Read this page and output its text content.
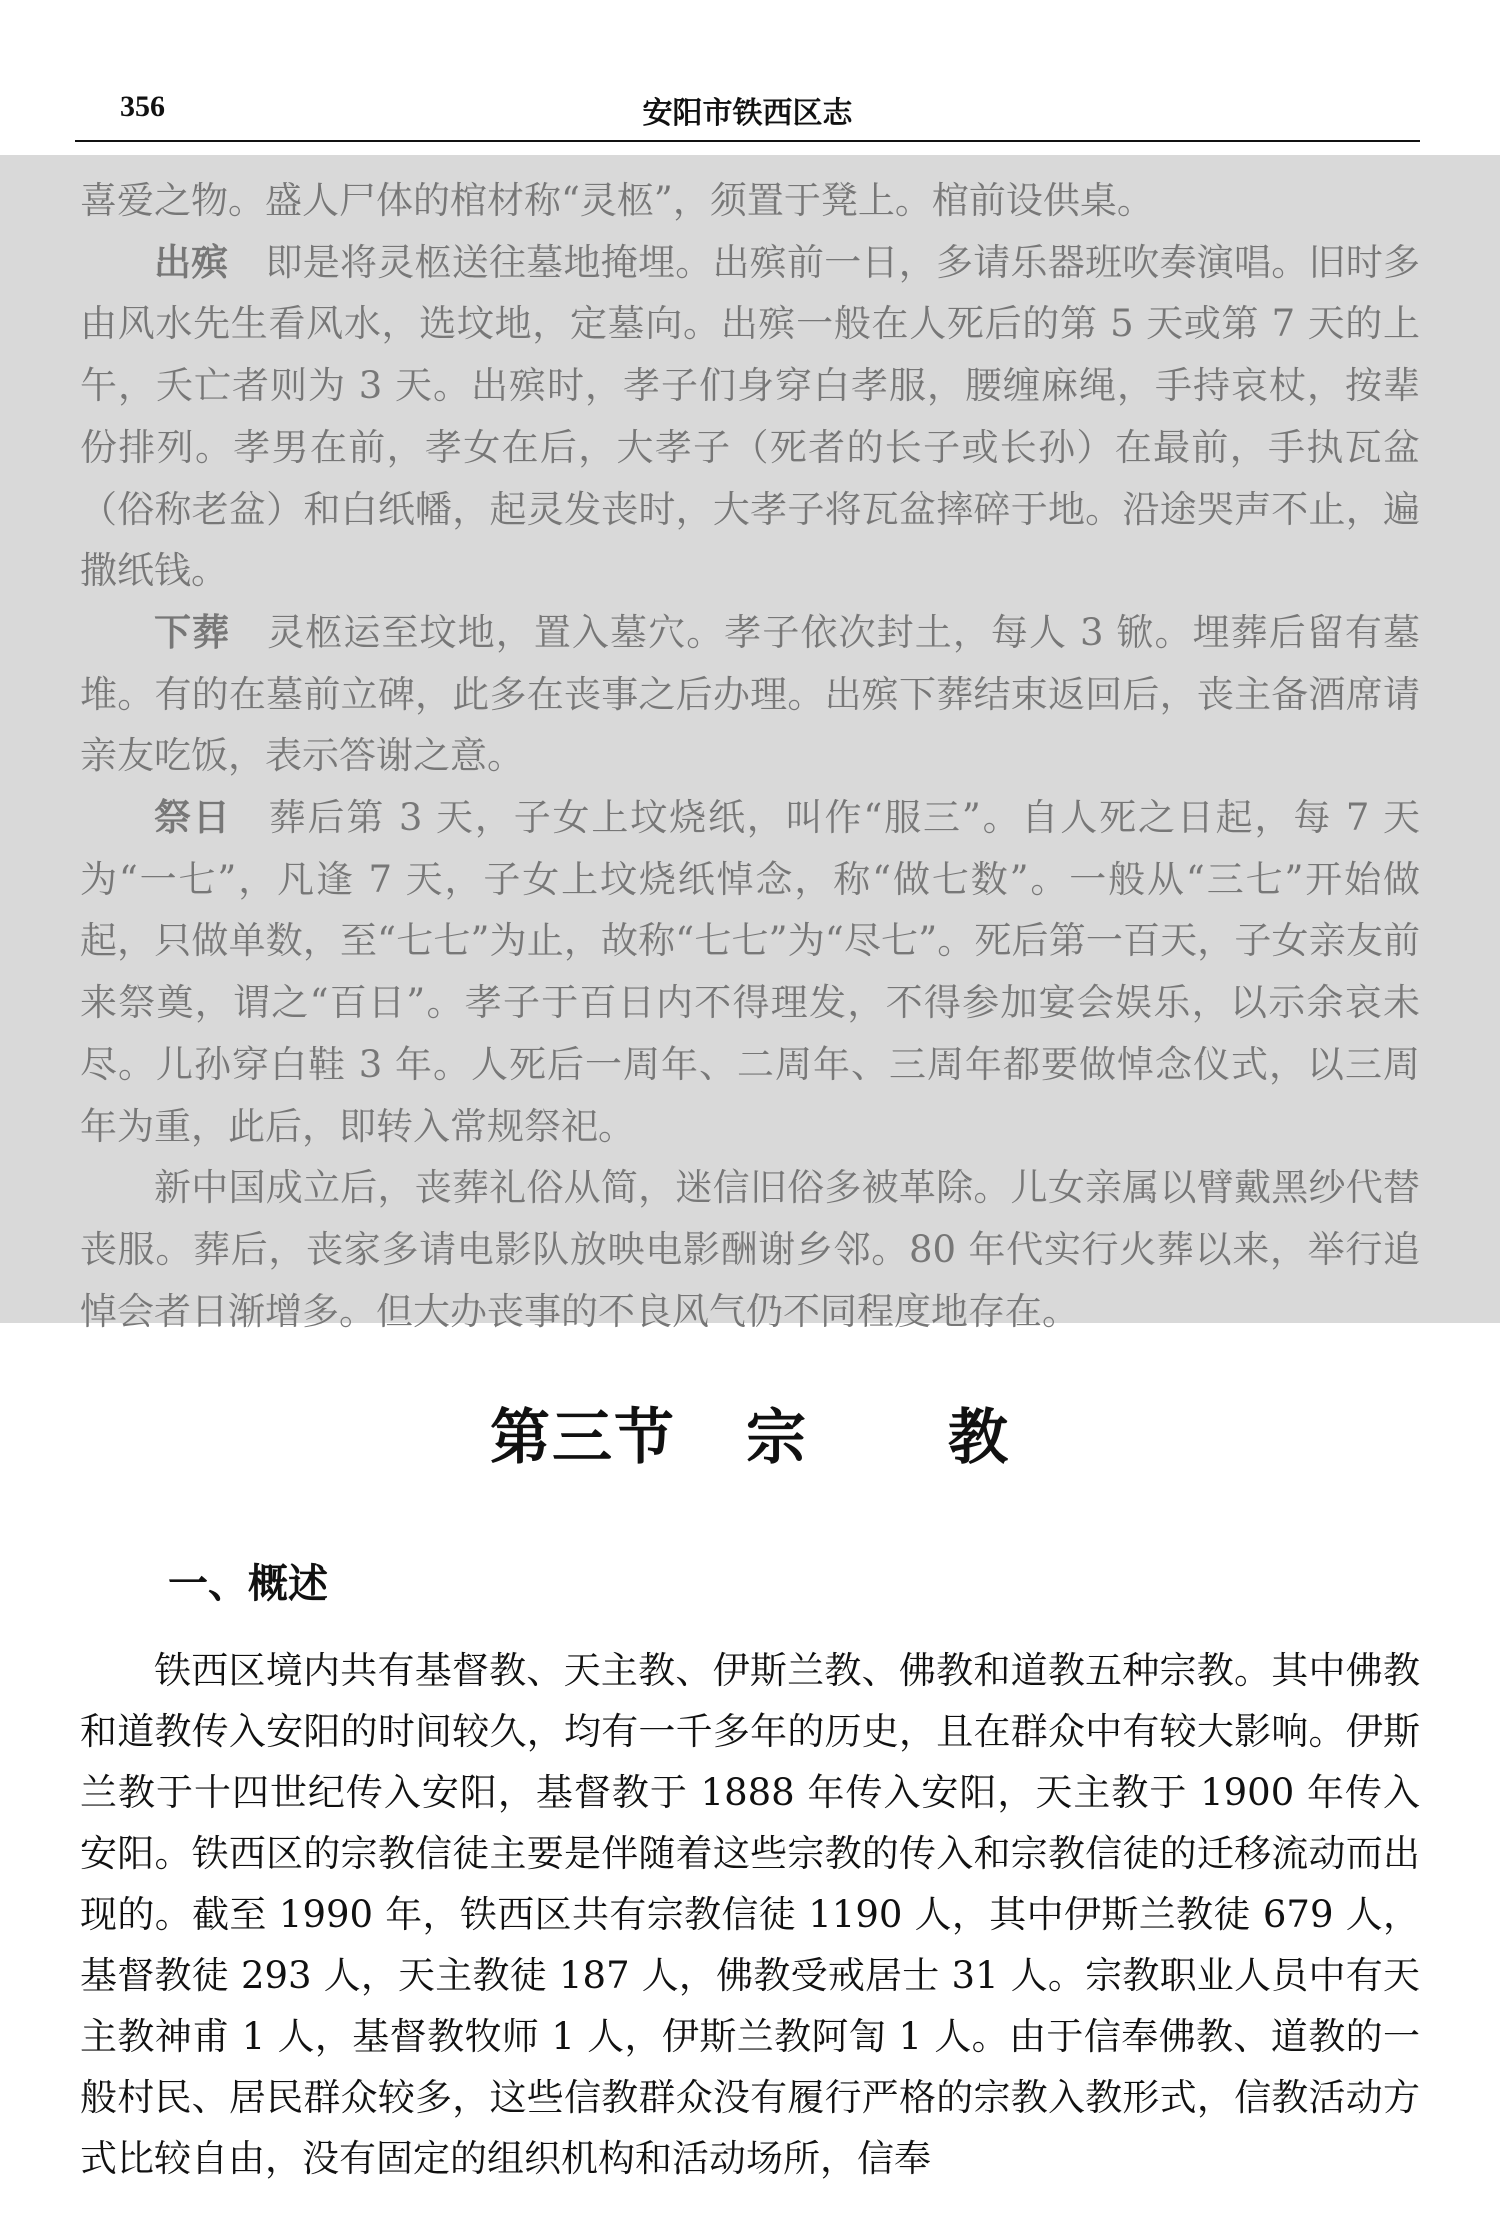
356	安阳市铁西区志

喜爱之物。盛人尸体的棺材称“灵柩”，须置于凳上。棺前设供桌。

出殡 即是将灵柩送往墓地掩埋。出殡前一日，多请乐器班吹奏演唱。旧时多由风水先生看风水，选坟地，定墓向。出殡一般在人死后的第 5 天或第 7 天的上午，夭亡者则为 3 天。出殡时，孝子们身穿白孝服，腰缠麻绳，手持哀杖，按辈份排列。孝男在前，孝女在后，大孝子（死者的长子或长孙）在最前，手执瓦盆（俗称老盆）和白纸幡，起灵发丧时，大孝子将瓦盆摔碎于地。沿途哭声不止，遍撒纸钱。

下葬 灵柩运至坟地，置入墓穴。孝子依次封土，每人 3 锨。埋葬后留有墓堆。有的在墓前立碑，此多在丧事之后办理。出殡下葬结束返回后，丧主备酒席请亲友吃饭，表示答谢之意。

祭日 葬后第 3 天，子女上坟烧纸，叫作“服三”。自人死之日起，每 7 天为“一七”，凡逢 7 天，子女上坟烧纸悼念，称“做七数”。一般从“三七”开始做起，只做单数，至“七七”为止，故称“七七”为“尽七”。死后第一百天，子女亲友前来祭奠，谓之“百日”。孝子于百日内不得理发，不得参加宴会娱乐，以示余哀未尽。儿孙穿白鞋 3 年。人死后一周年、二周年、三周年都要做悼念仪式，以三周年为重，此后，即转入常规祭祀。

新中国成立后，丧葬礼俗从简，迷信旧俗多被革除。儿女亲属以臂戴黑纱代替丧服。葬后，丧家多请电影队放映电影酬谢乡邻。80 年代实行火葬以来，举行追悼会者日渐增多。但大办丧事的不良风气仍不同程度地存在。

第三节 宗 教
一、概述

铁西区境内共有基督教、天主教、伊斯兰教、佛教和道教五种宗教。其中佛教和道教传入安阳的时间较久，均有一千多年的历史，且在群众中有较大影响。伊斯兰教于十四世纪传入安阳，基督教于 1888 年传入安阳，天主教于 1900 年传入安阳。铁西区的宗教信徒主要是伴随着这些宗教的传入和宗教信徒的迁移流动而出现的。截至 1990 年，铁西区共有宗教信徒 1190 人，其中伊斯兰教徒 679 人，基督教徒 293 人，天主教徒 187 人，佛教受戒居士 31 人。宗教职业人员中有天主教神甫 1 人，基督教牧师 1 人，伊斯兰教阿訇 1 人。由于信奉佛教、道教的一般村民、居民群众较多，这些信教群众没有履行严格的宗教入教形式，信教活动方式比较自由，没有固定的组织机构和活动场所，信奉
